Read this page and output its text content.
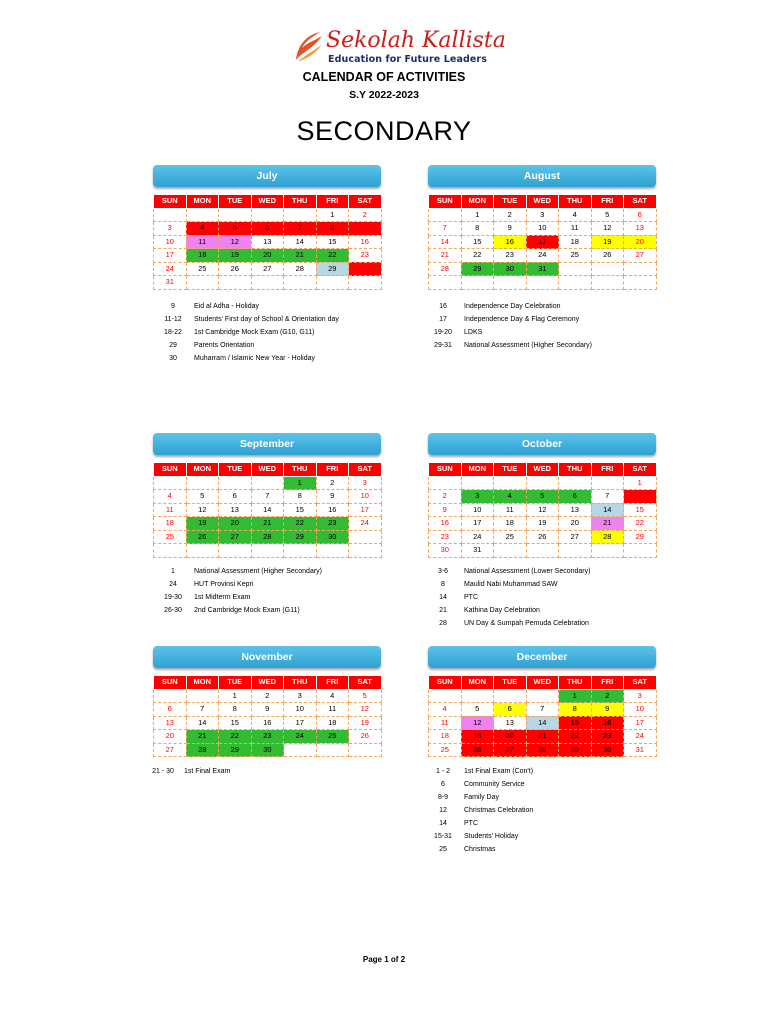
Sekolah Kallista
Education for Future Leaders
CALENDAR OF ACTIVITIES
S.Y 2022-2023
SECONDARY
July
SUN	MON	TUE	WED	THU	FRI	SAT
					1	2
3	4	5	6	7	8	9
10	11	12	13	14	15	16
17	18	19	20	21	22	23
24	25	26	27	28	29	30
31						
9	Eid al Adha - Holiday
11-12 Students' First day of School & Orientation day
18-22 1st Cambridge Mock Exam (G10, G11)
29 Parents Orientation
30 Muharram / Islamic New Year - Holiday
August
SUN	MON	TUE	WED	THU	FRI	SAT
	1	2	3	4	5	6
7	8	9	10	11	12	13
14	15	16	17	18	19	20
21	22	23	24	25	26	27
28	29	30	31			

16 Independence Day Celebration
17 Independence Day & Flag Ceremony
19-20 LDKS
29-31 National Assessment (Higher Secondary)
September
SUN	MON	TUE	WED	THU	FRI	SAT
				1	2	3
4	5	6	7	8	9	10
11	12	13	14	15	16	17
18	19	20	21	22	23	24
25	26	27	28	29	30	

1	National Assessment (Higher Secondary)
24 HUT Provinsi Kepri
19-30 1st Midterm Exam
26-30 2nd Cambridge Mock Exam (G11)
October
SUN	MON	TUE	WED	THU	FRI	SAT
						1
2	3	4	5	6	7	8
9	10	11	12	13	14	15
16	17	18	19	20	21	22
23	24	25	26	27	28	29
30	31					
3-6 National Assessment (Lower Secondary)
8	Maulid Nabi Muhammad SAW
14 PTC
21 Kathina Day Celebration
28 UN Day & Sumpah Pemuda Celebration
November
SUN	MON	TUE	WED	THU	FRI	SAT
		1	2	3	4	5
6	7	8	9	10	11	12
13	14	15	16	17	18	19
20	21	22	23	24	25	26
27	28	29	30			
21 - 30 1st Final Exam
December
SUN	MON	TUE	WED	THU	FRI	SAT
				1	2	3
4	5	6	7	8	9	10
11	12	13	14	15	16	17
18	19	20	21	22	23	24
25	26	27	28	29	30	31
1 - 2 1st Final Exam (Con't)
6	Community Service
8-9 Family Day
12 Christmas Celebration
14 PTC
15-31 Students' Holiday
25 Christmas
Page 1 of 2
